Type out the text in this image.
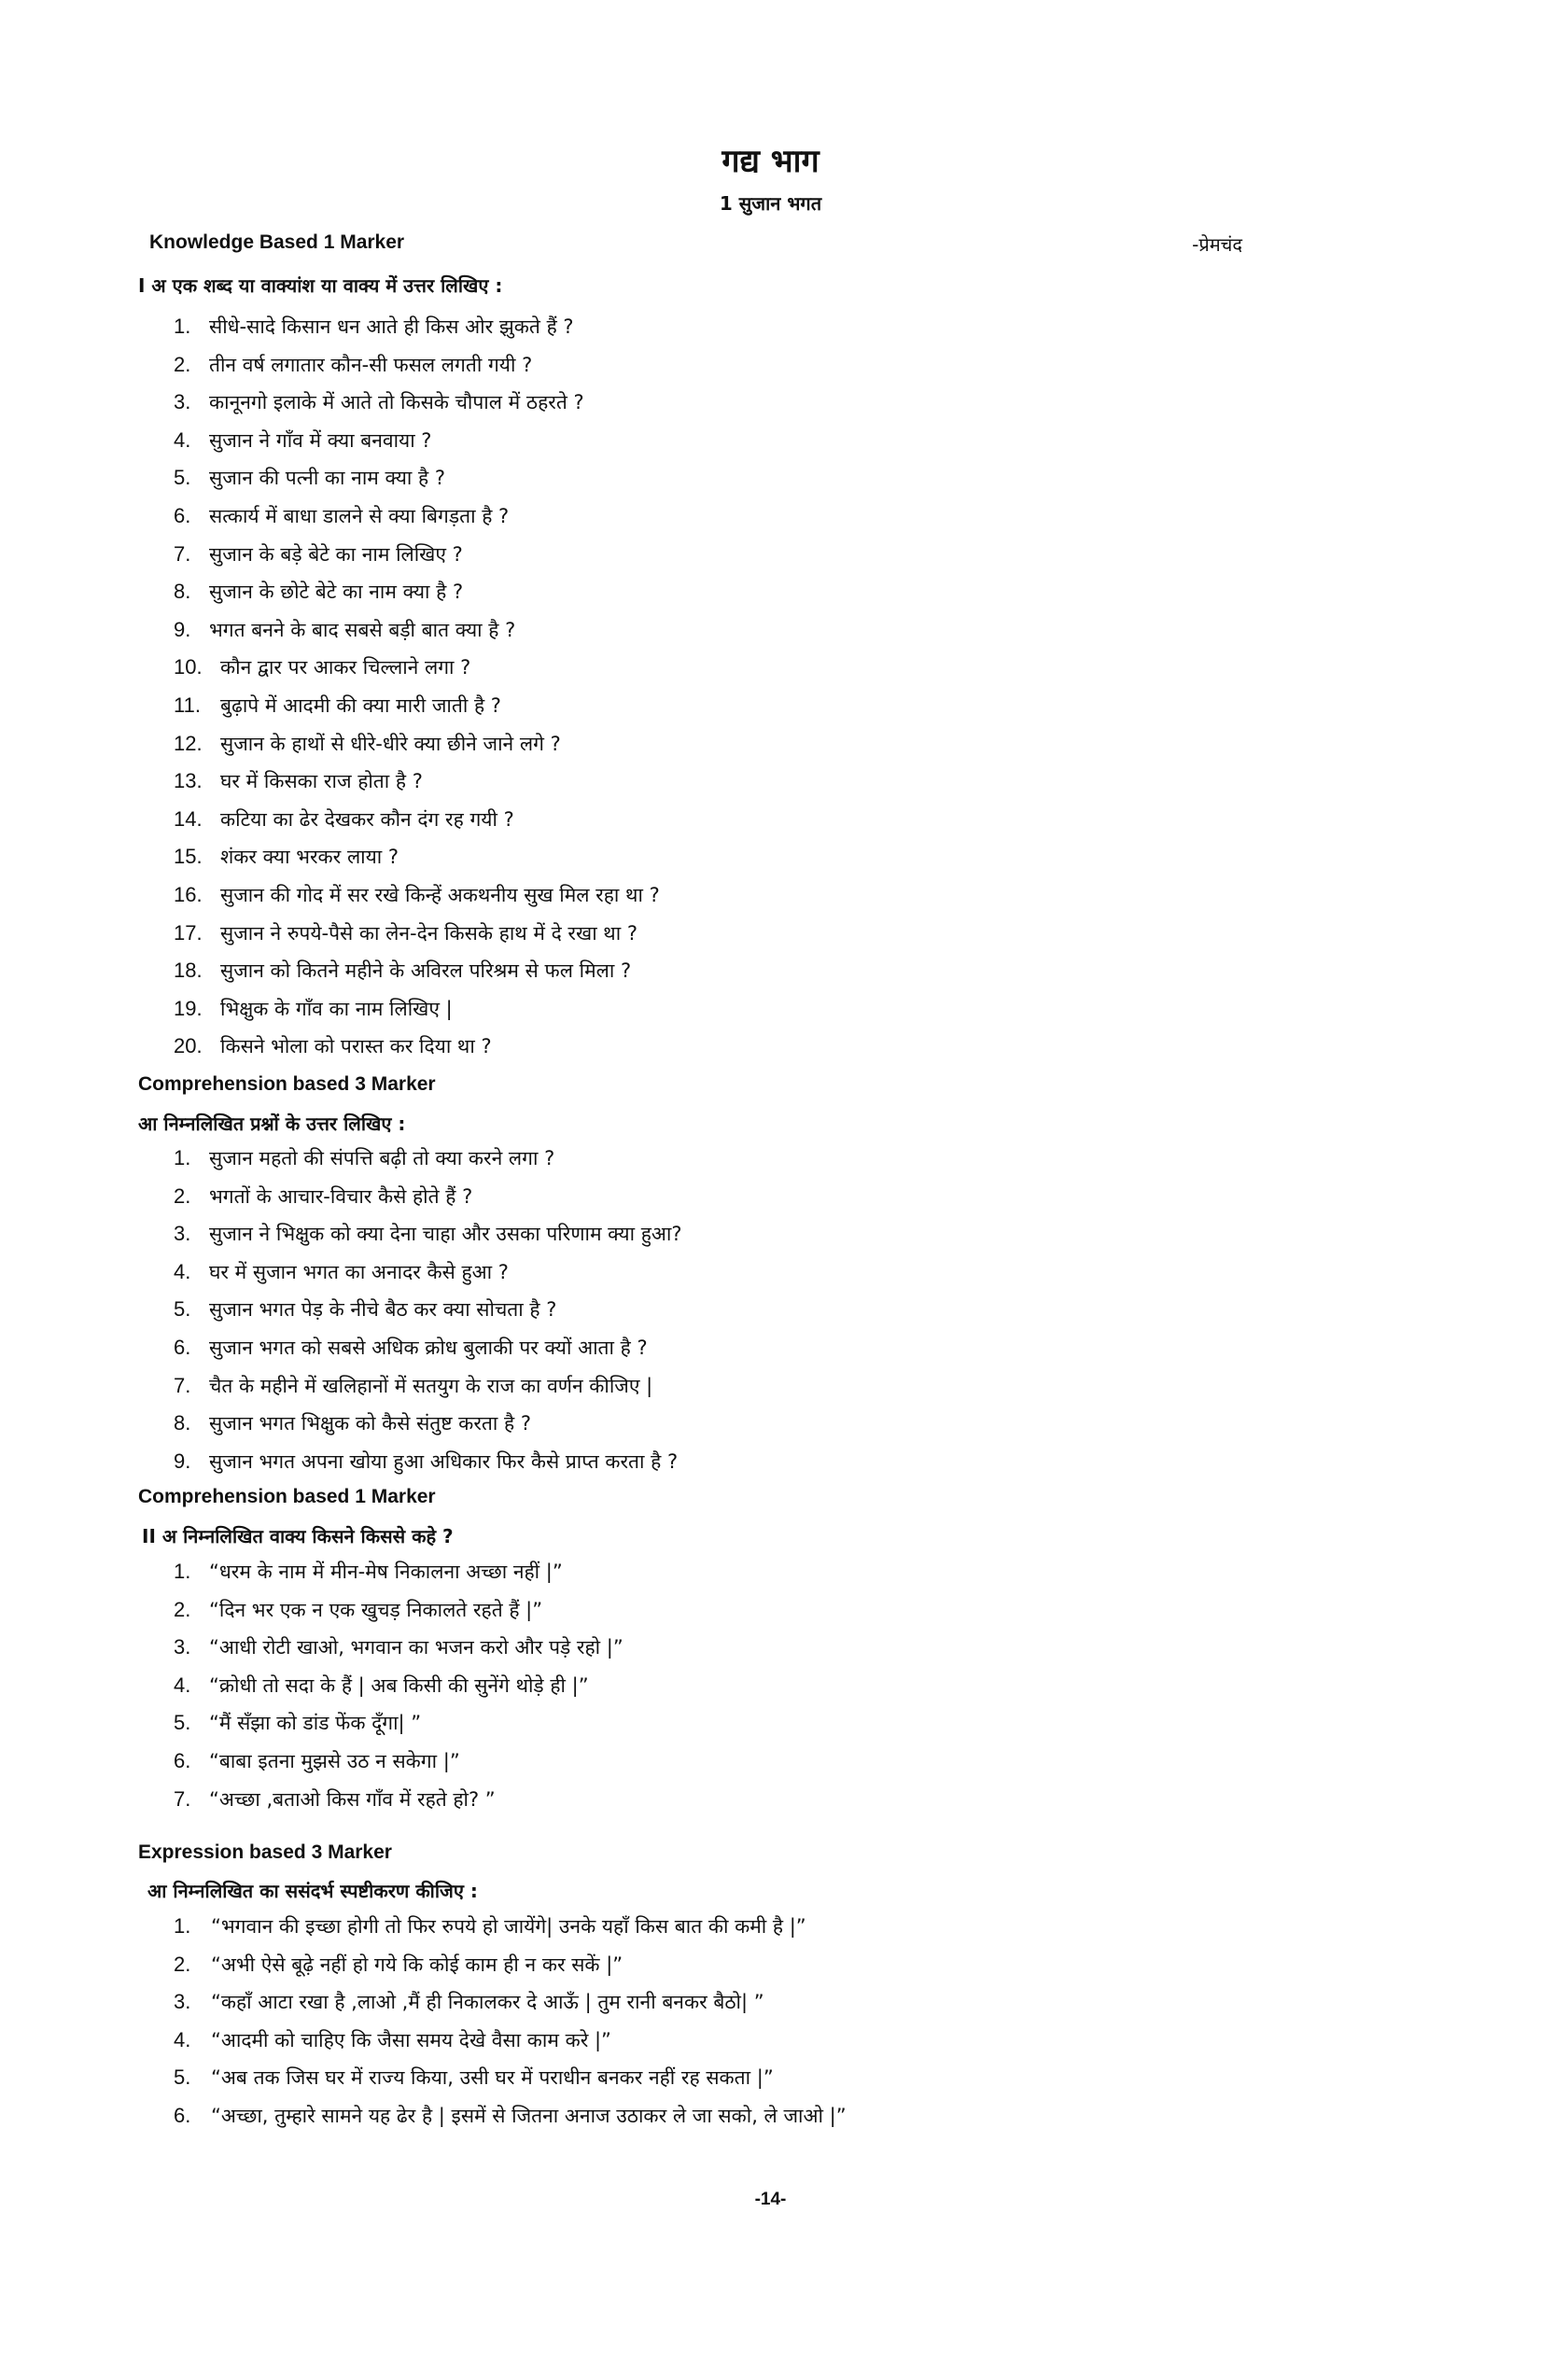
गद्य भाग
1 सुजान भगत
Knowledge Based 1 Marker	-प्रेमचंद
I अ एक शब्द या वाक्यांश या वाक्य में उत्तर लिखिए :
1. सीधे-सादे किसान धन आते ही किस ओर झुकते हैं ?
2. तीन वर्ष लगातार कौन-सी फसल लगती गयी ?
3. कानूनगो इलाके में आते तो किसके चौपाल में ठहरते ?
4. सुजान ने गाँव में क्या बनवाया ?
5. सुजान की पत्नी का नाम क्या है ?
6. सत्कार्य में बाधा डालने से क्या बिगड़ता है ?
7. सुजान के बड़े बेटे का नाम लिखिए ?
8. सुजान के छोटे बेटे का नाम क्या है ?
9. भगत बनने के बाद सबसे बड़ी बात क्या है ?
10. कौन द्वार पर आकर चिल्लाने लगा ?
11. बुढ़ापे में आदमी की क्या मारी जाती है ?
12. सुजान के हाथों से धीरे-धीरे क्या छीने जाने लगे ?
13. घर में किसका राज होता है ?
14. कटिया का ढेर देखकर कौन दंग रह गयी ?
15. शंकर क्या भरकर लाया ?
16. सुजान की गोद में सर रखे किन्हें अकथनीय सुख मिल रहा था ?
17. सुजान ने रुपये-पैसे का लेन-देन किसके हाथ में दे रखा था ?
18. सुजान को कितने महीने के अविरल परिश्रम से फल मिला ?
19. भिक्षुक के गाँव का नाम लिखिए |
20. किसने भोला को परास्त कर दिया था ?
Comprehension based 3 Marker
आ निम्नलिखित प्रश्नों के उत्तर लिखिए :
1. सुजान महतो की संपत्ति बढ़ी तो क्या करने लगा ?
2. भगतों के आचार-विचार कैसे होते हैं ?
3. सुजान ने भिक्षुक को क्या देना चाहा और उसका परिणाम क्या हुआ?
4. घर में सुजान भगत का अनादर कैसे हुआ ?
5. सुजान भगत पेड़ के नीचे बैठ कर क्या सोचता है ?
6. सुजान भगत को सबसे अधिक क्रोध बुलाकी पर क्यों आता है ?
7. चैत के महीने में खलिहानों में सतयुग के राज का वर्णन कीजिए |
8. सुजान भगत भिक्षुक को कैसे संतुष्ट करता है ?
9. सुजान भगत अपना खोया हुआ अधिकार फिर कैसे प्राप्त करता है ?
Comprehension based 1 Marker
II अ निम्नलिखित वाक्य किसने किससे कहे ?
1. “धरम के नाम में मीन-मेष निकालना अच्छा नहीं |”
2. “दिन भर एक न एक खुचड़ निकालते रहते हैं |”
3. “आधी रोटी खाओ, भगवान का भजन करो और पड़े रहो |”
4. “क्रोधी तो सदा के हैं | अब किसी की सुनेंगे थोड़े ही |”
5. “मैं सँझा को डांड फेंक दूँगा| ”
6. “बाबा इतना मुझसे उठ न सकेगा |”
7. “अच्छा ,बताओ किस गाँव में रहते हो? ”
Expression based 3 Marker
आ निम्नलिखित का ससंदर्भ स्पष्टीकरण कीजिए :
1. “भगवान की इच्छा होगी तो फिर रुपये हो जायेंगे| उनके यहाँ किस बात की कमी है |”
2. “अभी ऐसे बूढ़े नहीं हो गये कि कोई काम ही न कर सकें |”
3. “कहाँ आटा रखा है ,लाओ ,मैं ही निकालकर दे आऊँ | तुम रानी बनकर बैठो| ”
4. “आदमी को चाहिए कि जैसा समय देखे वैसा काम करे |”
5. “अब तक जिस घर में राज्य किया, उसी घर में पराधीन बनकर नहीं रह सकता |”
6. “अच्छा, तुम्हारे सामने यह ढेर है | इसमें से जितना अनाज उठाकर ले जा सको, ले जाओ |”
-14-
